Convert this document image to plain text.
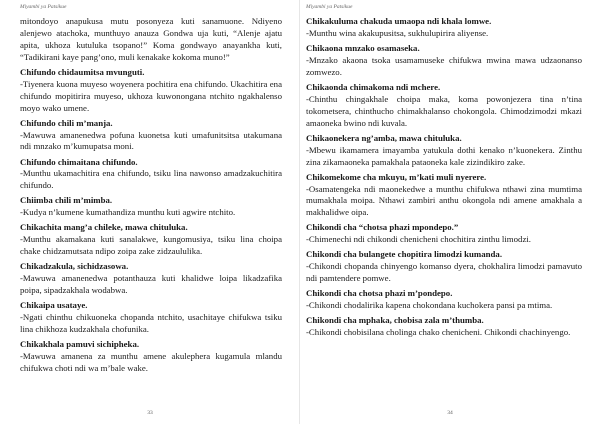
Miyambi ya Patsikue

mitondoyo anapukusa mutu posonyeza kuti sanamuone. Ndiyeno alenjewo atachoka, munthuyo anauza Gondwa uja kuti, “Alenje ajatu apita, ukhoza kutuluka tsopano!” Koma gondwayo anayankha kuti, “Tadikirani kaye pang’ono, muli kenakake kokoma muno!”

Chifundo chidaumitsa mvunguti.

-Tiyenera kuona muyeso woyenera pochitira ena chifundo. Ukachitira ena chifundo mopitirira muyeso, ukhoza kuwonongana ntchito ngakhalenso moyo wako umene.

Chifundo chili m’manja.

-Mawuwa amanenedwa pofuna kuonetsa kuti umafunitsitsa utakumana ndi mnzako m’kumupatsa moni.

Chifundo chimaitana chifundo.

-Munthu ukamachitira ena chifundo, tsiku lina nawonso amadzakuchitira chifundo.

Chiimba chili m’mimba.

-Kudya n’kumene kumathandiza munthu kuti agwire ntchito.

Chikachita mang’a chileke, mawa chituluka.

-Munthu akamakana kuti sanalakwe, kungomusiya, tsiku lina choipa chake chidzamutsata ndipo zoipa zake zidzaululika.

Chikadzakula, sichidzasowa.

-Mawuwa amanenedwa potanthauza kuti khalidwe loipa likadzafika poipa, sipadzakhala wodabwa.

Chikaipa usataye.

-Ngati chinthu chikuoneka chopanda ntchito, usachitaye chifukwa tsiku lina chikhoza kudzakhala chofunika.

Chikakhala pamuvi sichipheka.

-Mawuwa amanena za munthu amene akulephera kugamula mlandu chifukwa choti ndi wa m’bale wake.

33
Miyambi ya Patsikue

Chikakuluma chakuda umaopa ndi khala lomwe.

-Munthu wina akakupusitsa, sukhulupirira aliyense.

Chikaona mnzako osamaseka.

-Mnzako akaona tsoka usamamuseke chifukwa mwina mawa udzaonanso zomwezo.

Chikaonda chimakoma ndi mchere.

-Chinthu chingakhale choipa maka, koma powonjezera tina n’tina tokometsera, chinthucho chimakhalanso chokongola. Chimodzimodzi mkazi amaoneka bwino ndi kuvala.

Chikaonekera ng’amba, mawa chituluka.

-Mbewu ikamamera imayamba yatukula dothi kenako n’kuonekera. Zinthu zina zikamaoneka pamakhala pataoneka kale zizindikiro zake.

Chikomekome cha mkuyu, m’kati muli nyerere.

-Osamatengeka ndi maonekedwe a munthu chifukwa nthawi zina mumtima mumakhala moipa. Nthawi zambiri anthu okongola ndi amene amakhala a makhalidwe oipa.

Chikondi cha “chotsa phazi mpondepo.”

-Chimenechi ndi chikondi chenicheni chochitira zinthu limodzi.

Chikondi cha bulangete chopitira limodzi kumanda.

-Chikondi chopanda chinyengo komanso dyera, chokhalira limodzi pamavuto ndi pamtendere pomwe.

Chikondi cha chotsa phazi m’pondepo.

-Chikondi chodalirika kapena chokondana kuchokera pansi pa mtima.

Chikondi cha mphaka, chobisa zala m’thumba.

-Chikondi chobisilana cholinga chako chenicheni. Chikondi chachinyengo.

34
